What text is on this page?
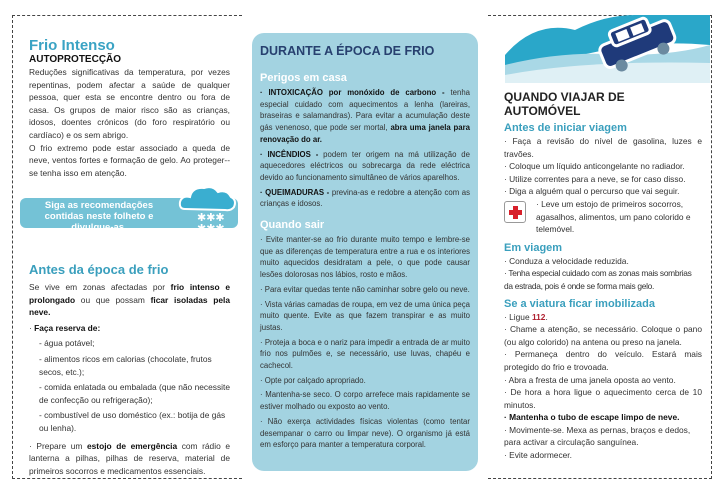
Frio Intenso
AUTOPROTECÇÃO
Reduções significativas da temperatura, por vezes repentinas, podem afectar a saúde de qualquer pessoa, quer esta se encontre dentro ou fora de casa. Os grupos de maior risco são as crianças, idosos, doentes crónicos (do foro respiratório ou cardíaco) e os sem abrigo.
O frio extremo pode estar associado a queda de neve, ventos fortes e formação de gelo. Ao proteger--se tenha isso em atenção.
Siga as recomendações contidas neste folheto e divulgue-as.
✱✱✱
✱✱✱
Antes da época de frio

Se vive em zonas afectadas por frio intenso e prolongado ou que possam ficar isoladas pela neve.

· Faça reserva de:

- água potável;

- alimentos ricos em calorias (chocolate, frutos secos, etc.);

- comida enlatada ou embalada (que não necessite de confecção ou refrigeração);

- combustível de uso doméstico (ex.: botija de gás ou lenha).

· Prepare um estojo de emergência com rádio e lanterna a pilhas, pilhas de reserva, material de primeiros socorros e medicamentos essenciais.

DURANTE A ÉPOCA DE FRIO
Perigos em casa

· INTOXICAÇÃO por monóxido de carbono - tenha especial cuidado com aquecimentos a lenha (lareiras, braseiras e salamandras). Para evitar a acumulação deste gás venenoso, que pode ser mortal, abra uma janela para renovação do ar.

· INCÊNDIOS - podem ter origem na má utilização de aquecedores eléctricos ou sobrecarga da rede eléctrica devido ao funcionamento simultâneo de vários aparelhos.

· QUEIMADURAS - previna-as e redobre a atenção com as crianças e idosos.

Quando sair

· Evite manter-se ao frio durante muito tempo e lembre-se que as diferenças de temperatura entre a rua e os interiores muito aquecidos desidratam a pele, o que pode causar lesões dolorosas nos lábios, rosto e mãos.

· Para evitar quedas tente não caminhar sobre gelo ou neve.

· Vista várias camadas de roupa, em vez de uma única peça muito quente. Evite as que fazem transpirar e as muito justas.

· Proteja a boca e o nariz para impedir a entrada de ar muito frio nos pulmões e, se necessário, use luvas, chapéu e cachecol.

· Opte por calçado apropriado.

· Mantenha-se seco. O corpo arrefece mais rapidamente se estiver molhado ou exposto ao vento.

· Não exerça actividades físicas violentas (como tentar desempanar o carro ou limpar neve). O organismo já está em esforço para manter a temperatura corporal.

QUANDO VIAJAR DE AUTOMÓVEL
Antes de iniciar viagem
· Faça a revisão do nível de gasolina, luzes e travões.
· Coloque um líquido anticongelante no radiador.
· Utilize correntes para a neve, se for caso disso.
· Diga a alguém qual o percurso que vai seguir.
· Leve um estojo de primeiros socorros, agasalhos, alimentos, um pano colorido e telemóvel.
Em viagem
· Conduza a velocidade reduzida.
· Tenha especial cuidado com as zonas mais sombrias da estrada, pois é onde se forma mais gelo.
Se a viatura ficar imobilizada
· Ligue 112.
· Chame a atenção, se necessário. Coloque o pano (ou algo colorido) na antena ou preso na janela.
· Permaneça dentro do veículo. Estará mais protegido do frio e trovoada.
· Abra a fresta de uma janela oposta ao vento.
· De hora a hora ligue o aquecimento cerca de 10 minutos.
· Mantenha o tubo de escape limpo de neve.
· Movimente-se. Mexa as pernas, braços e dedos, para activar a circulação sanguínea.
· Evite adormecer.
